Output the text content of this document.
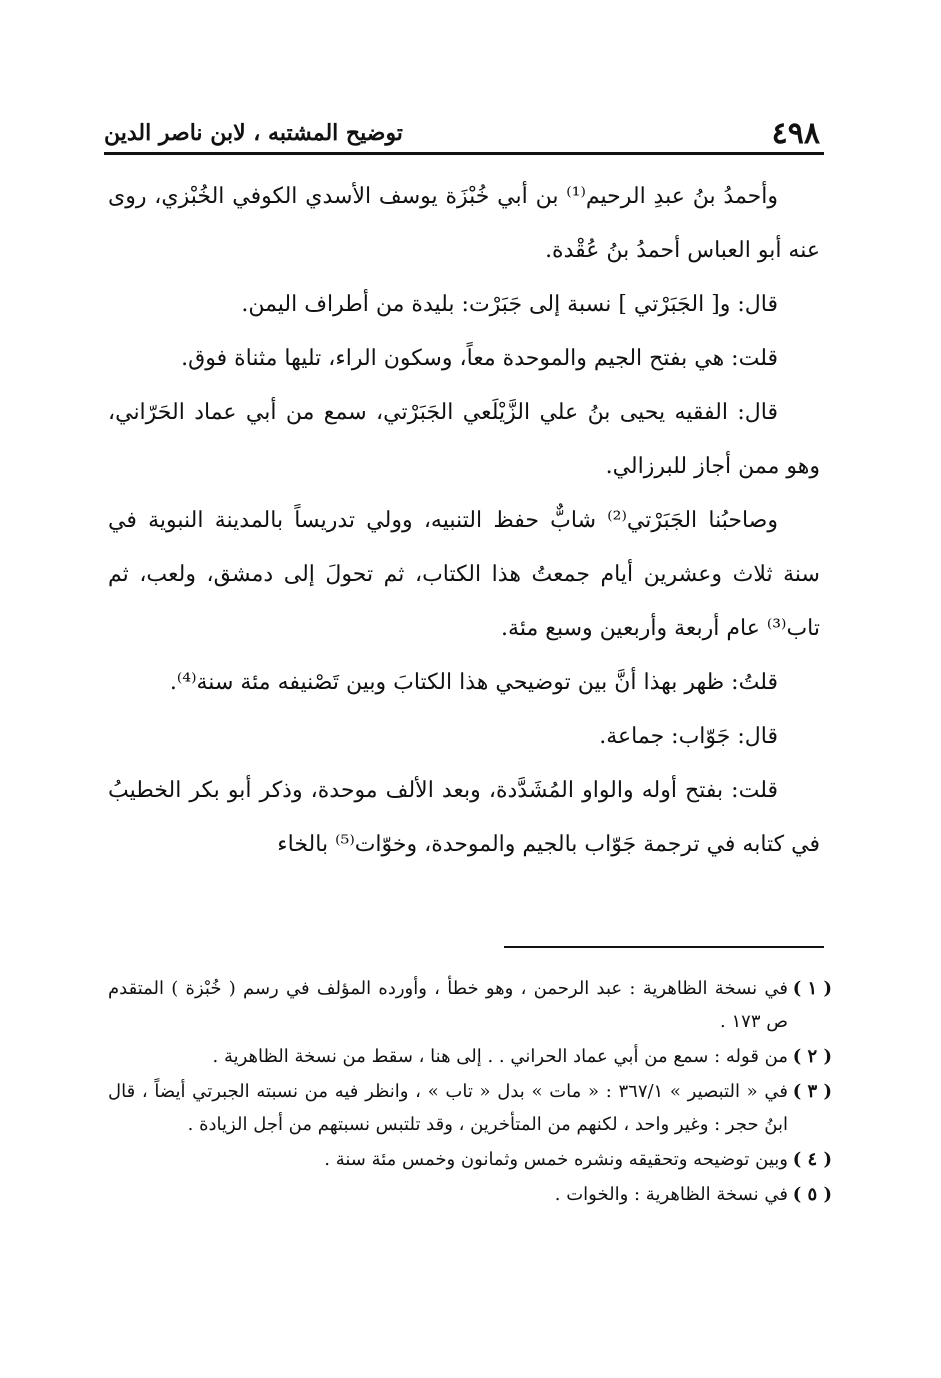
٤٩٨
توضيح المشتبه ، لابن ناصر الدين

وأحمدُ بنُ عبدِ الرحيم⁽¹⁾ بن أبي خُبْزَة يوسف الأسدي الكوفي الخُبْزي، روى عنه أبو العباس أحمدُ بنُ عُقْدة.

قال: و[ الجَبَرْتي ] نسبة إلى جَبَرْت: بليدة من أطراف اليمن.

قلت: هي بفتح الجيم والموحدة معاً، وسكون الراء، تليها مثناة فوق.

قال: الفقيه يحيى بنُ علي الزَّيْلَعي الجَبَرْتي، سمع من أبي عماد الحَرّاني، وهو ممن أجاز للبرزالي.

وصاحبُنا الجَبَرْتي⁽²⁾ شابٌّ حفظ التنبيه، وولي تدريساً بالمدينة النبوية في سنة ثلاث وعشرين أيام جمعتُ هذا الكتاب، ثم تحولَ إلى دمشق، ولعب، ثم تاب⁽³⁾ عام أربعة وأربعين وسبع مئة.

قلتُ: ظهر بهذا أنَّ بين توضيحي هذا الكتابَ وبين تَصْنيفه مئة سنة⁽⁴⁾.

قال: جَوّاب: جماعة.

قلت: بفتح أوله والواو المُشَدَّدة، وبعد الألف موحدة، وذكر أبو بكر الخطيبُ في كتابه في ترجمة جَوّاب بالجيم والموحدة، وخوّات⁽⁵⁾ بالخاء

( ١ )
في نسخة الظاهرية : عبد الرحمن ، وهو خطأ ، وأورده المؤلف في رسم ( خُبْزة ) المتقدم ص ١٧٣ .

( ٢ )
من قوله : سمع من أبي عماد الحراني . . إلى هنا ، سقط من نسخة الظاهرية .

( ٣ )
في « التبصير » ٣٦٧/١ : « مات » بدل « تاب » ، وانظر فيه من نسبته الجبرتي أيضاً ، قال ابنُ حجر : وغير واحد ، لكنهم من المتأخرين ، وقد تلتبس نسبتهم من أجل الزيادة .

( ٤ )
وبين توضيحه وتحقيقه ونشره خمس وثمانون وخمس مئة سنة .

( ٥ )
في نسخة الظاهرية : والخوات .
